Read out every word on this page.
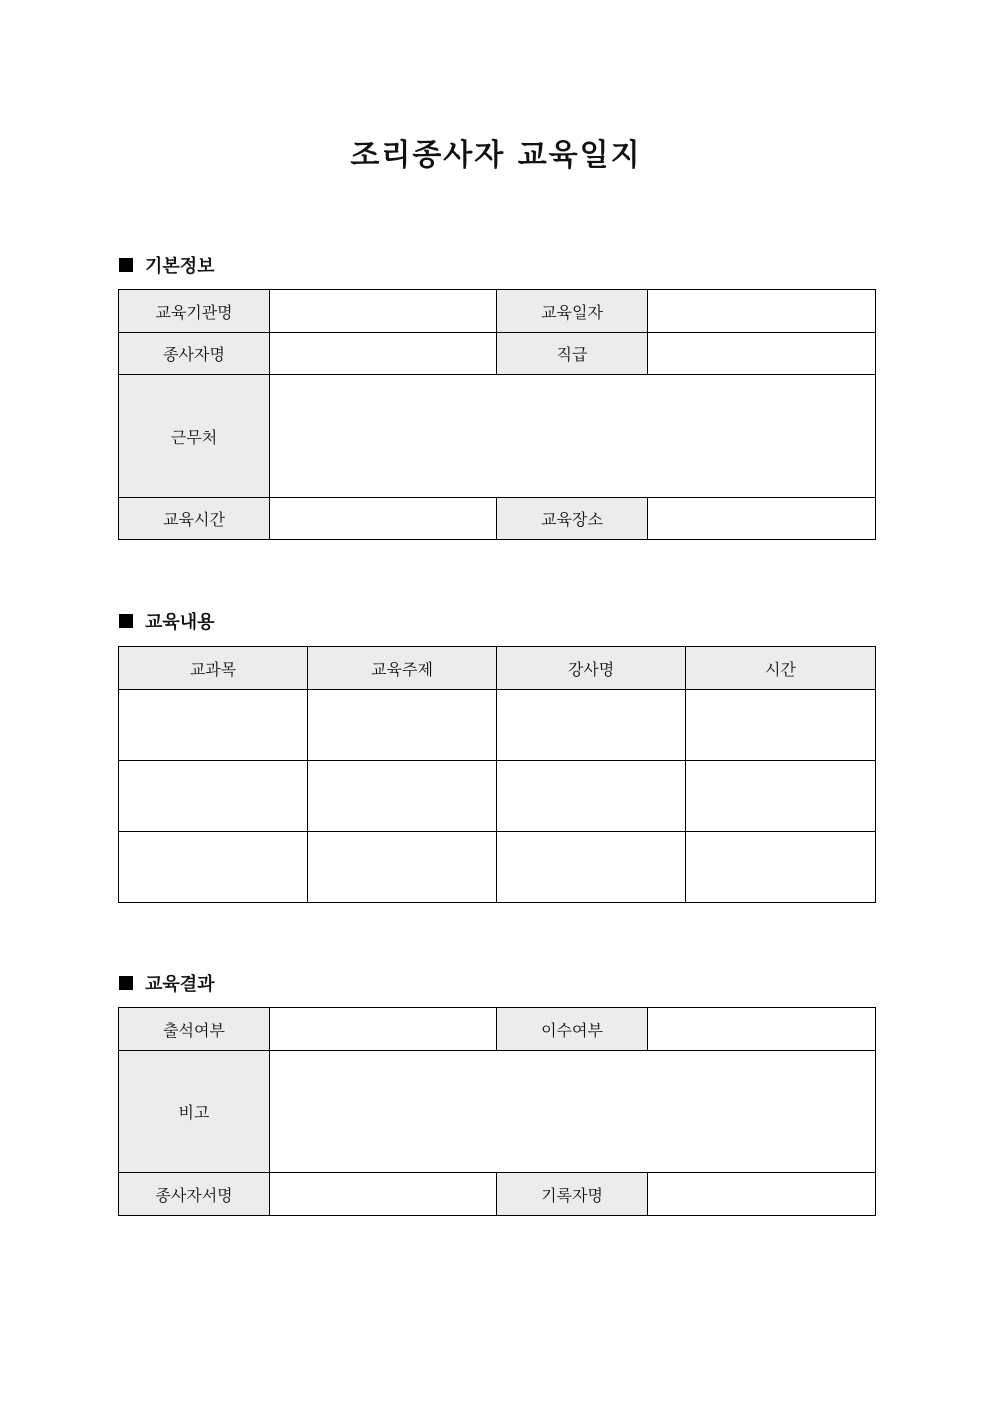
조리종사자 교육일지
기본정보
교육기관명		교육일자	
종사자명		직급	
근무처			
교육시간		교육장소	
교육내용
교과목	교육주제	강사명	시간

교육결과
출석여부		이수여부	
비고			
종사자서명		기록자명	
